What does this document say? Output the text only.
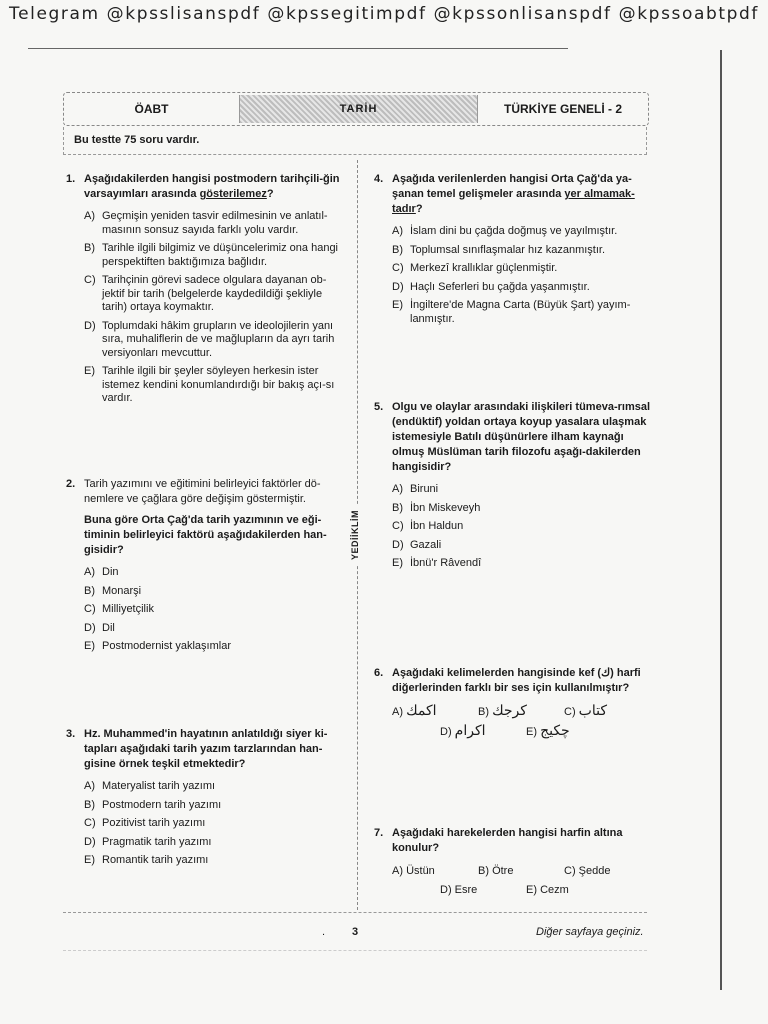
Telegram @kpsslisanspdf @kpssegitimpdf @kpssonlisanspdf @kpssoabtpdf
ÖABT	TARİH	TÜRKİYE GENELİ - 2
Bu testte 75 soru vardır.
YEDİİKLİM
1. Aşağıdakilerden hangisi postmodern tarihçili-ğin varsayımları arasında gösterilemez?
A) Geçmişin yeniden tasvir edilmesinin ve anlatıl-masının sonsuz sayıda farklı yolu vardır.
B) Tarihle ilgili bilgimiz ve düşüncelerimiz ona hangi perspektiften baktığımıza bağlıdır.
C) Tarihçinin görevi sadece olgulara dayanan ob-jektif bir tarih (belgelerde kaydedildiği şekliyle tarih) ortaya koymaktır.
D) Toplumdaki hâkim grupların ve ideolojilerin yanı sıra, muhaliflerin de ve mağlupların da ayrı tarih versiyonları mevcuttur.
E) Tarihle ilgili bir şeyler söyleyen herkesin ister istemez kendini konumlandırdığı bir bakış açı-sı vardır.
2. Tarih yazımını ve eğitimini belirleyici faktörler dö-nemlere ve çağlara göre değişim göstermiştir.
Buna göre Orta Çağ'da tarih yazımının ve eği-timinin belirleyici faktörü aşağıdakilerden han-gisidir?
A) Din
B) Monarşi
C) Milliyetçilik
D) Dil
E) Postmodernist yaklaşımlar
3. Hz. Muhammed'in hayatının anlatıldığı siyer ki-tapları aşağıdaki tarih yazım tarzlarından han-gisine örnek teşkil etmektedir?
A) Materyalist tarih yazımı
B) Postmodern tarih yazımı
C) Pozitivist tarih yazımı
D) Pragmatik tarih yazımı
E) Romantik tarih yazımı
4. Aşağıda verilenlerden hangisi Orta Çağ'da ya-şanan temel gelişmeler arasında yer almamak-tadır?
A) İslam dini bu çağda doğmuş ve yayılmıştır.
B) Toplumsal sınıflaşmalar hız kazanmıştır.
C) Merkezî krallıklar güçlenmiştir.
D) Haçlı Seferleri bu çağda yaşanmıştır.
E) İngiltere'de Magna Carta (Büyük Şart) yayım-lanmıştır.
5. Olgu ve olaylar arasındaki ilişkileri tümeva-rımsal (endüktif) yoldan ortaya koyup yasalara ulaşmak istemesiyle Batılı düşünürlere ilham kaynağı olmuş Müslüman tarih filozofu aşağı-dakilerden hangisidir?
A) Biruni
B) İbn Miskeveyh
C) İbn Haldun
D) Gazali
E) İbnü'r Râvendî
6. Aşağıdaki kelimelerden hangisinde kef (ك) harfi diğerlerinden farklı bir ses için kullanılmıştır?
A) اكمك	B) كرجك	C) كتاب
D) اكرام	E) چكيج
7. Aşağıdaki harekelerden hangisi harfin altına konulur?
A) Üstün	B) Ötre	C) Şedde
D) Esre	E) Cezm
. 3	Diğer sayfaya geçiniz.
